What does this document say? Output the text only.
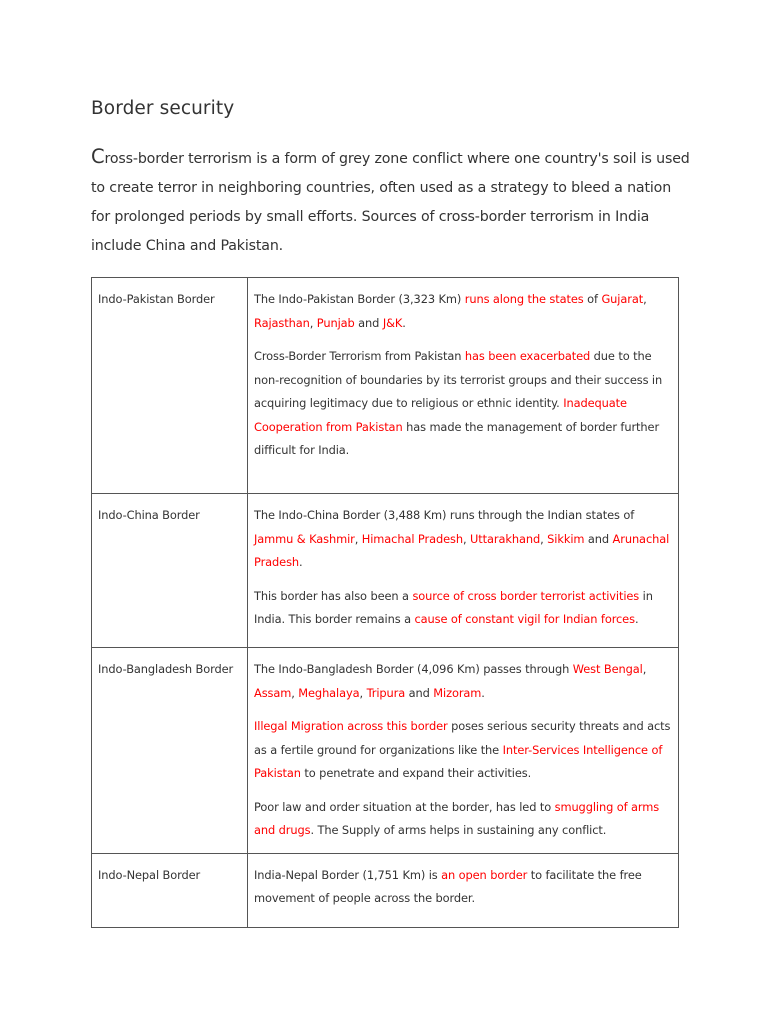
Border security

Cross-border terrorism is a form of grey zone conflict where one country's soil is used to create terror in neighboring countries, often used as a strategy to bleed a nation for prolonged periods by small efforts. Sources of cross-border terrorism in India include China and Pakistan.

Indo-Pakistan Border	The Indo-Pakistan Border (3,323 Km) runs along the states of Gujarat, Rajasthan, Punjab and J&K.

Cross-Border Terrorism from Pakistan has been exacerbated due to the non-recognition of boundaries by its terrorist groups and their success in acquiring legitimacy due to religious or ethnic identity. Inadequate Cooperation from Pakistan has made the management of border further difficult for India.

Indo-China Border	The Indo-China Border (3,488 Km) runs through the Indian states of Jammu & Kashmir, Himachal Pradesh, Uttarakhand, Sikkim and Arunachal Pradesh.

This border has also been a source of cross border terrorist activities in India. This border remains a cause of constant vigil for Indian forces.

Indo-Bangladesh Border	The Indo-Bangladesh Border (4,096 Km) passes through West Bengal, Assam, Meghalaya, Tripura and Mizoram.

Illegal Migration across this border poses serious security threats and acts as a fertile ground for organizations like the Inter-Services Intelligence of Pakistan to penetrate and expand their activities.

Poor law and order situation at the border, has led to smuggling of arms and drugs. The Supply of arms helps in sustaining any conflict.

Indo-Nepal Border	India-Nepal Border (1,751 Km) is an open border to facilitate the free movement of people across the border.
